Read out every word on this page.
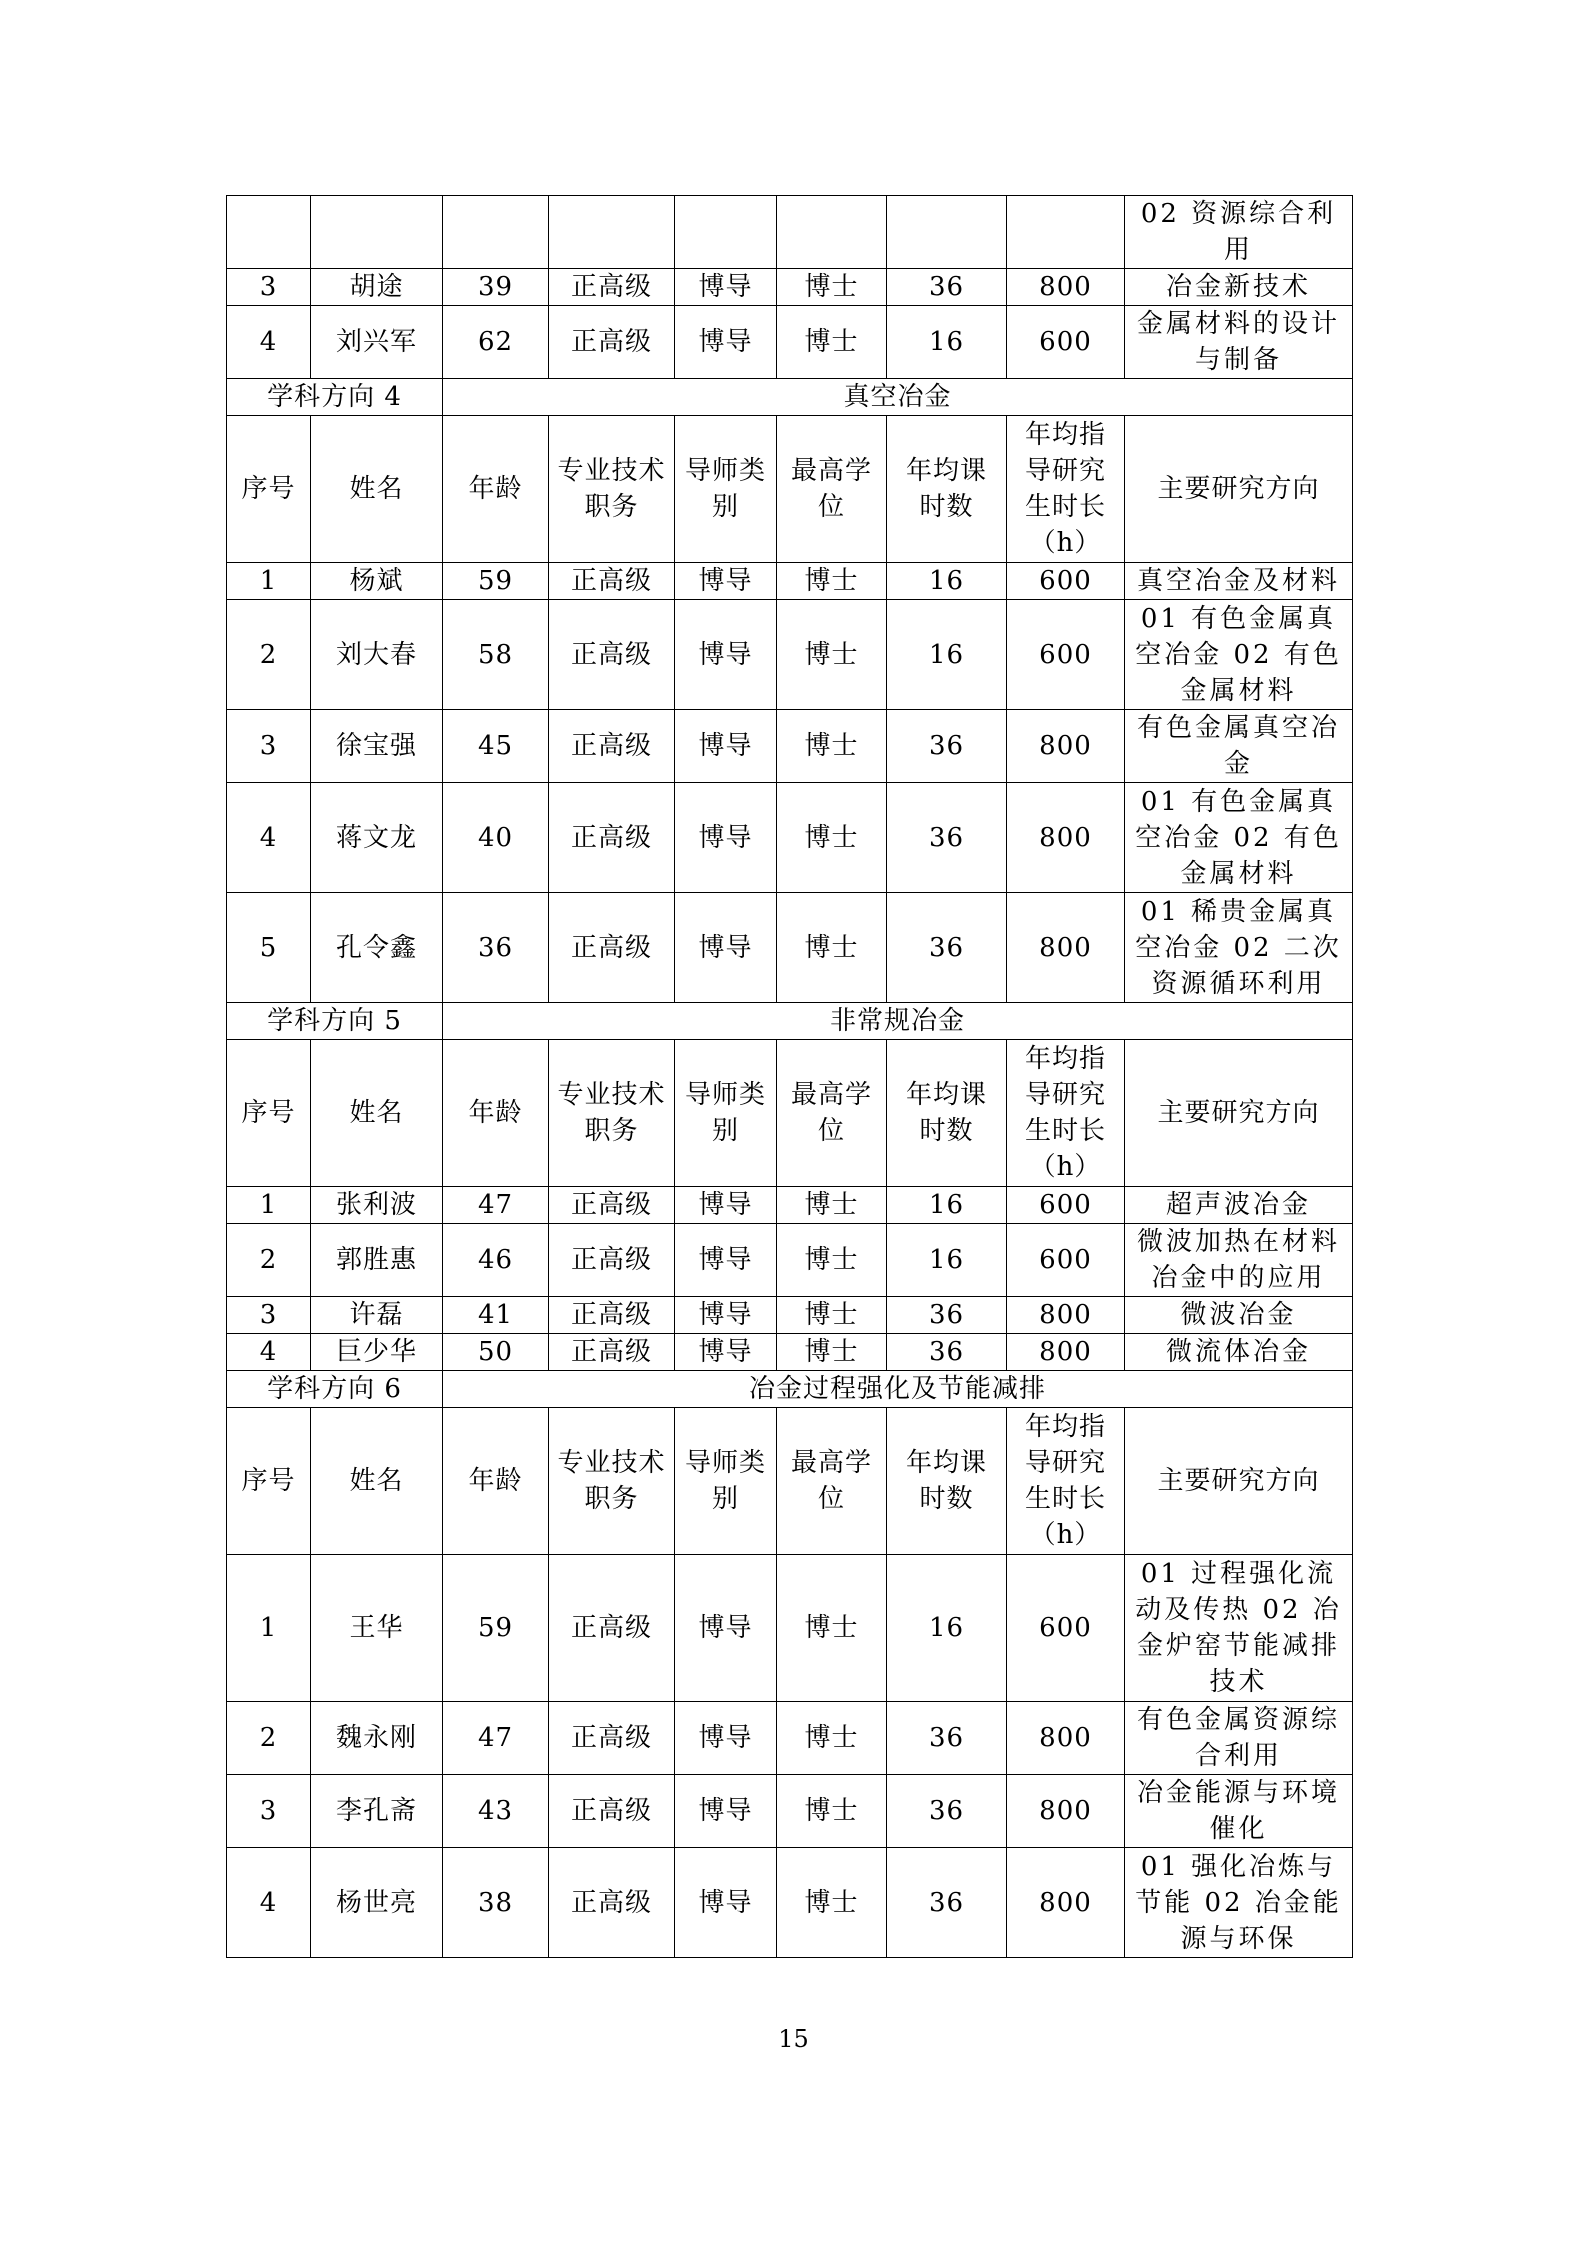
								02 资源综合利用
3	胡途	39	正高级	博导	博士	36	800	冶金新技术
4	刘兴军	62	正高级	博导	博士	16	600	金属材料的设计与制备
学科方向 4		真空冶金						
序号	姓名	年龄	专业技术职务	导师类别	最高学位	年均课时数	年均指导研究生时长（h）	主要研究方向
1	杨斌	59	正高级	博导	博士	16	600	真空冶金及材料
2	刘大春	58	正高级	博导	博士	16	600	01 有色金属真空冶金 02 有色金属材料
3	徐宝强	45	正高级	博导	博士	36	800	有色金属真空冶金
4	蒋文龙	40	正高级	博导	博士	36	800	01 有色金属真空冶金 02 有色金属材料
5	孔令鑫	36	正高级	博导	博士	36	800	01 稀贵金属真空冶金 02 二次资源循环利用
学科方向 5		非常规冶金						
序号	姓名	年龄	专业技术职务	导师类别	最高学位	年均课时数	年均指导研究生时长（h）	主要研究方向
1	张利波	47	正高级	博导	博士	16	600	超声波冶金
2	郭胜惠	46	正高级	博导	博士	16	600	微波加热在材料冶金中的应用
3	许磊	41	正高级	博导	博士	36	800	微波冶金
4	巨少华	50	正高级	博导	博士	36	800	微流体冶金
学科方向 6		冶金过程强化及节能减排						
序号	姓名	年龄	专业技术职务	导师类别	最高学位	年均课时数	年均指导研究生时长（h）	主要研究方向
1	王华	59	正高级	博导	博士	16	600	01 过程强化流动及传热 02 冶金炉窑节能减排技术
2	魏永刚	47	正高级	博导	博士	36	800	有色金属资源综合利用
3	李孔斋	43	正高级	博导	博士	36	800	冶金能源与环境催化
4	杨世亮	38	正高级	博导	博士	36	800	01 强化冶炼与节能 02 冶金能源与环保
15
